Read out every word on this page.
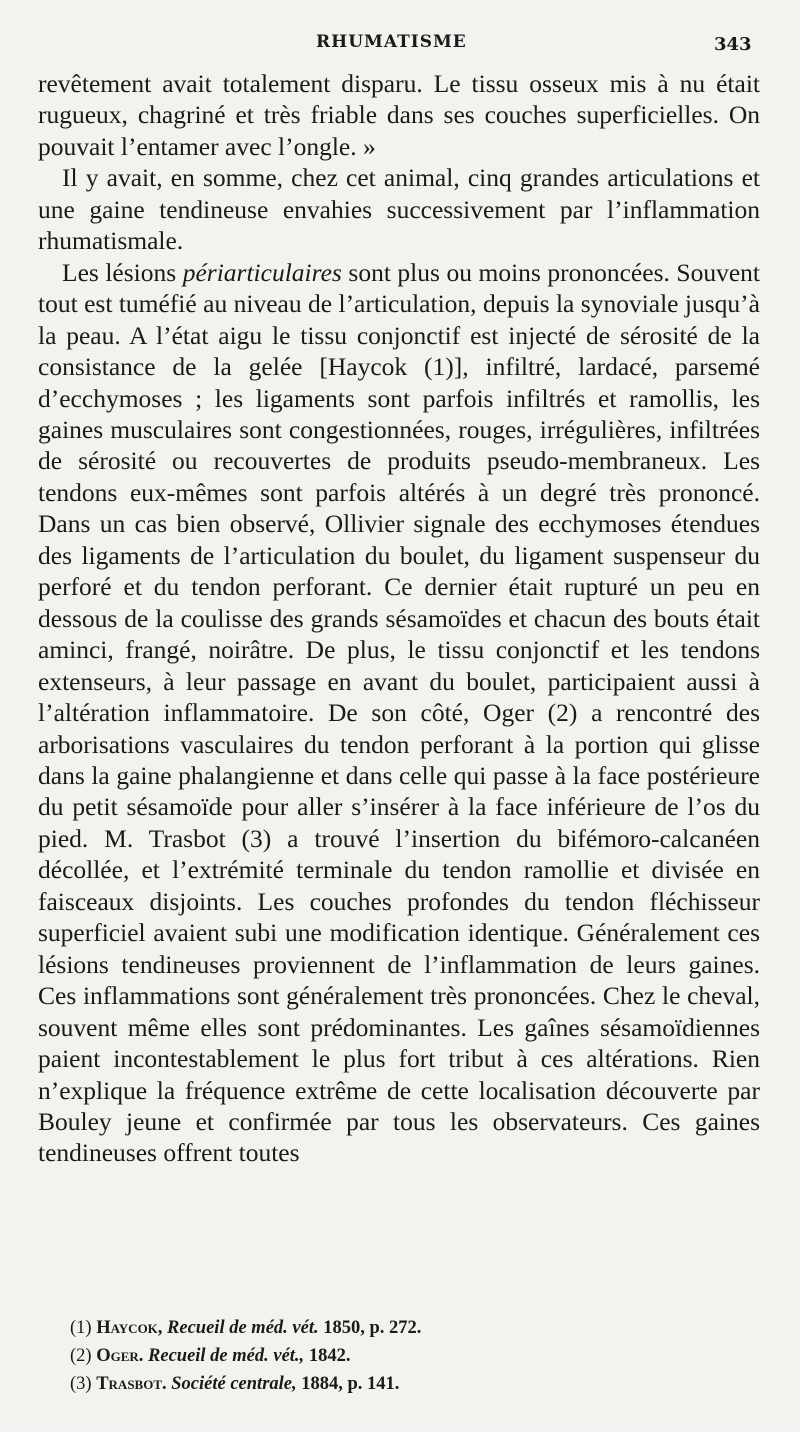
RHUMATISME	343

revêtement avait totalement disparu. Le tissu osseux mis à nu était rugueux, chagriné et très friable dans ses couches superficielles. On pouvait l’entamer avec l’ongle. »

Il y avait, en somme, chez cet animal, cinq grandes articulations et une gaine tendineuse envahies successivement par l’inflammation rhumatismale.

Les lésions périarticulaires sont plus ou moins prononcées. Souvent tout est tuméfié au niveau de l’articulation, depuis la synoviale jusqu’à la peau. A l’état aigu le tissu conjonctif est injecté de sérosité de la consistance de la gelée [Haycok (1)], infiltré, lardacé, parsemé d’ecchymoses ; les ligaments sont parfois infiltrés et ramollis, les gaines musculaires sont congestionnées, rouges, irrégulières, infiltrées de sérosité ou recouvertes de produits pseudo-membraneux. Les tendons eux-mêmes sont parfois altérés à un degré très prononcé. Dans un cas bien observé, Ollivier signale des ecchymoses étendues des ligaments de l’articulation du boulet, du ligament suspenseur du perforé et du tendon perforant. Ce dernier était rupturé un peu en dessous de la coulisse des grands sésamoïdes et chacun des bouts était aminci, frangé, noirâtre. De plus, le tissu conjonctif et les tendons extenseurs, à leur passage en avant du boulet, participaient aussi à l’altération inflammatoire. De son côté, Oger (2) a rencontré des arborisations vasculaires du tendon perforant à la portion qui glisse dans la gaine phalangienne et dans celle qui passe à la face postérieure du petit sésamoïde pour aller s’insérer à la face inférieure de l’os du pied. M. Trasbot (3) a trouvé l’insertion du bifémoro-calcanéen décollée, et l’extrémité terminale du tendon ramollie et divisée en faisceaux disjoints. Les couches profondes du tendon fléchisseur superficiel avaient subi une modification identique. Généralement ces lésions tendineuses proviennent de l’inflammation de leurs gaines. Ces inflammations sont généralement très prononcées. Chez le cheval, souvent même elles sont prédominantes. Les gaînes sésamoïdiennes paient incontestablement le plus fort tribut à ces altérations. Rien n’explique la fréquence extrême de cette localisation découverte par Bouley jeune et confirmée par tous les observateurs. Ces gaines tendineuses offrent toutes

(1) Haycok, Recueil de méd. vét. 1850, p. 272.
(2) Oger. Recueil de méd. vét., 1842.
(3) Trasbot. Société centrale, 1884, p. 141.
